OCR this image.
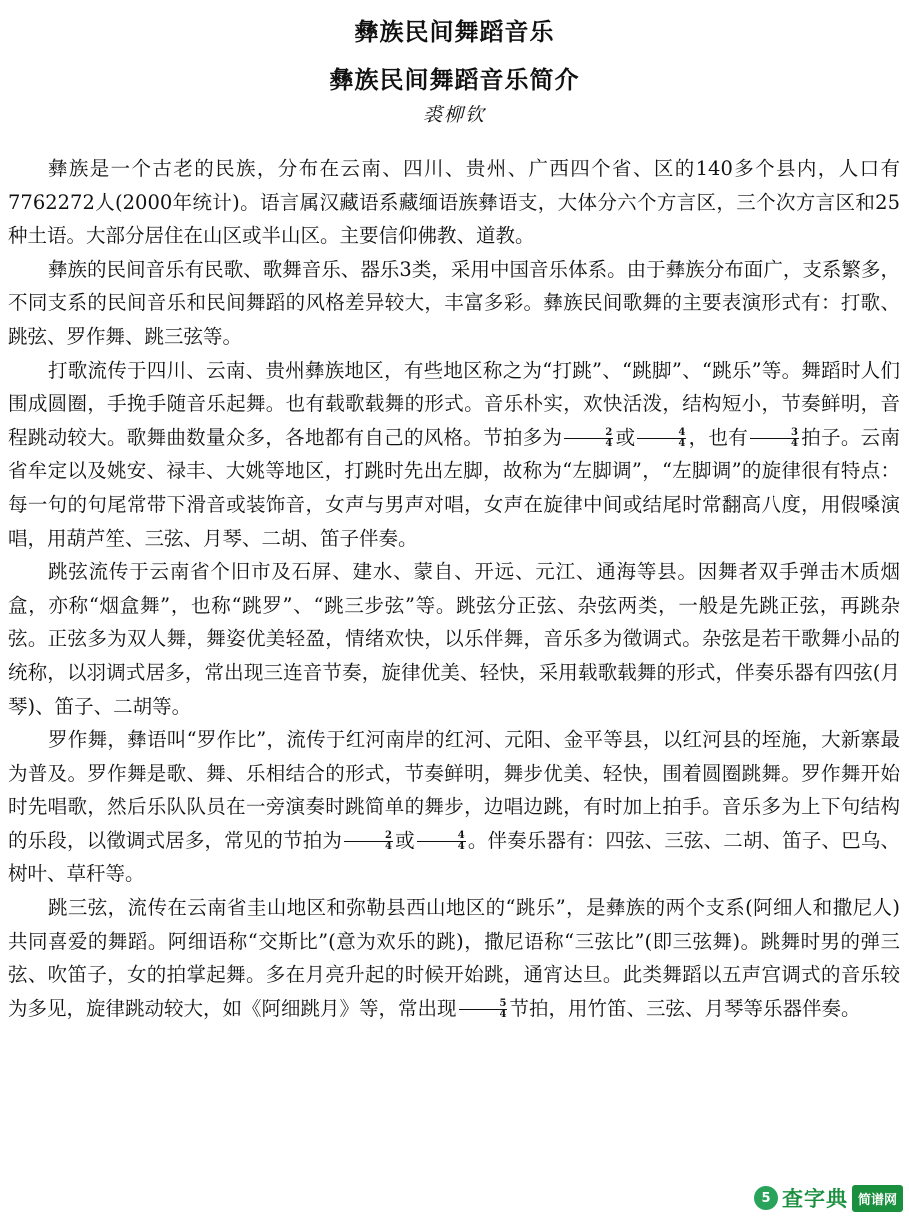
彝族民间舞蹈音乐
彝族民间舞蹈音乐简介
裘柳钦

彝族是一个古老的民族，分布在云南、四川、贵州、广西四个省、区的140多个县内，人口有7762272人(2000年统计)。语言属汉藏语系藏缅语族彝语支，大体分六个方言区，三个次方言区和25种土语。大部分居住在山区或半山区。主要信仰佛教、道教。

彝族的民间音乐有民歌、歌舞音乐、器乐3类，采用中国音乐体系。由于彝族分布面广，支系繁多，不同支系的民间音乐和民间舞蹈的风格差异较大，丰富多彩。彝族民间歌舞的主要表演形式有：打歌、跳弦、罗作舞、跳三弦等。

打歌流传于四川、云南、贵州彝族地区，有些地区称之为“打跳”、“跳脚”、“跳乐”等。舞蹈时人们围成圆圈，手挽手随音乐起舞。也有载歌载舞的形式。音乐朴实，欢快活泼，结构短小，节奏鲜明，音程跳动较大。歌舞曲数量众多，各地都有自己的风格。节拍多为 $\frac{2}{4}$ 或 $\frac{4}{4}$ ，也有 $\frac{3}{4}$ 拍子。云南省牟定以及姚安、禄丰、大姚等地区，打跳时先出左脚，故称为“左脚调”，“左脚调”的旋律很有特点：每一句的句尾常带下滑音或装饰音，女声与男声对唱，女声在旋律中间或结尾时常翻高八度，用假嗓演唱，用葫芦笙、三弦、月琴、二胡、笛子伴奏。

跳弦流传于云南省个旧市及石屏、建水、蒙自、开远、元江、通海等县。因舞者双手弹击木质烟盒，亦称“烟盒舞”，也称“跳罗”、“跳三步弦”等。跳弦分正弦、杂弦两类，一般是先跳正弦，再跳杂弦。正弦多为双人舞，舞姿优美轻盈，情绪欢快，以乐伴舞，音乐多为徵调式。杂弦是若干歌舞小品的统称，以羽调式居多，常出现三连音节奏，旋律优美、轻快，采用载歌载舞的形式，伴奏乐器有四弦(月琴)、笛子、二胡等。

罗作舞，彝语叫“罗作比”，流传于红河南岸的红河、元阳、金平等县，以红河县的垤施，大新寨最为普及。罗作舞是歌、舞、乐相结合的形式，节奏鲜明，舞步优美、轻快，围着圆圈跳舞。罗作舞开始时先唱歌，然后乐队队员在一旁演奏时跳简单的舞步，边唱边跳，有时加上拍手。音乐多为上下句结构的乐段，以徵调式居多，常见的节拍为 $\frac{2}{4}$ 或 $\frac{4}{4}$ 。伴奏乐器有：四弦、三弦、二胡、笛子、巴乌、树叶、草秆等。

跳三弦，流传在云南省圭山地区和弥勒县西山地区的“跳乐”，是彝族的两个支系(阿细人和撒尼人)共同喜爱的舞蹈。阿细语称“交斯比”(意为欢乐的跳)，撒尼语称“三弦比”(即三弦舞)。跳舞时男的弹三弦、吹笛子，女的拍掌起舞。多在月亮升起的时候开始跳，通宵达旦。此类舞蹈以五声宫调式的音乐较为多见，旋律跳动较大，如《阿细跳月》等，常出现 $\frac{5}{4}$ 节拍，用竹笛、三弦、月琴等乐器伴奏。

5 查字典 简谱网
